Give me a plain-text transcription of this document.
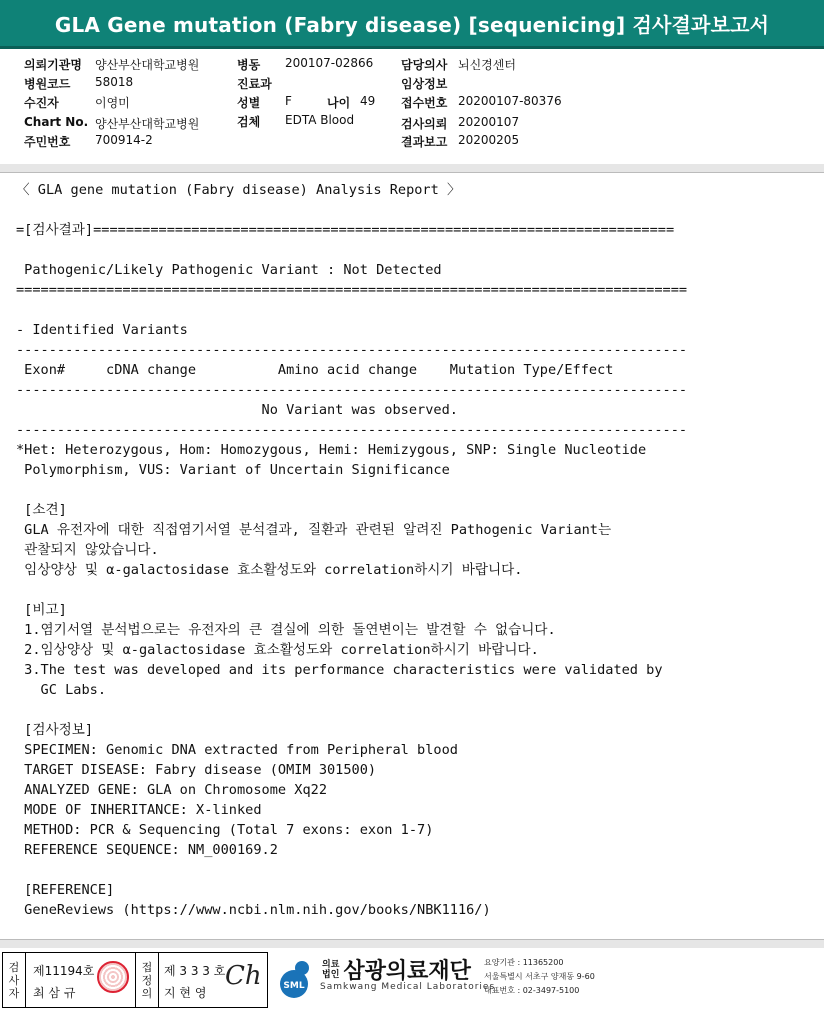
GLA Gene mutation (Fabry disease) [sequenicing] 검사결과보고서
의뢰기관명 양산부산대학교병원
병원코드 58018
수진자	이영미
Chart No. 양산부산대학교병원
주민번호 700914-2
병동 200107-02866
진료과
성별 F	나이 49
검체 EDTA Blood
담당의사 뇌신경센터
임상정보
접수번호 20200107-80376
검사의뢰 20200107
결과보고 20200205
〈 GLA gene mutation (Fabry disease) Analysis Report 〉
=[검사결과]=======================================================================
Pathogenic/Likely Pathogenic Variant : Not Detected
==================================================================================
- Identified Variants
----------------------------------------------------------------------------------
Exon#     cDNA change          Amino acid change    Mutation Type/Effect
----------------------------------------------------------------------------------
No Variant was observed.
----------------------------------------------------------------------------------
*Het: Heterozygous, Hom: Homozygous, Hemi: Hemizygous, SNP: Single Nucleotide
Polymorphism, VUS: Variant of Uncertain Significance
[소견]
GLA 유전자에 대한 직접염기서열 분석결과, 질환과 관련된 알려진 Pathogenic Variant는
관찰되지 않았습니다.
임상양상 및 α-galactosidase 효소활성도와 correlation하시기 바랍니다.
[비고]
1.염기서열 분석법으로는 유전자의 큰 결실에 의한 돌연변이는 발견할 수 없습니다.
2.임상양상 및 α-galactosidase 효소활성도와 correlation하시기 바랍니다.
3.The test was developed and its performance characteristics were validated by
GC Labs.
[검사정보]
SPECIMEN: Genomic DNA extracted from Peripheral blood
TARGET DISEASE: Fabry disease (OMIM 301500)
ANALYZED GENE: GLA on Chromosome Xq22
MODE OF INHERITANCE: X-linked
METHOD: PCR & Sequencing (Total 7 exons: exon 1-7)
REFERENCE SEQUENCE: NM_000169.2
[REFERENCE]
GeneReviews (https://www.ncbi.nlm.nih.gov/books/NBK1116/)
검
사
자
제11194호
최 삼 규
접
정
의
제 3 3 3 호
지 현 영
Ch SML
의료
법인 삼광의료재단
Samkwang Medical Laboratories
요양기관 : 11365200
서울특별시 서초구 양재동 9-60
대표번호 : 02-3497-5100
